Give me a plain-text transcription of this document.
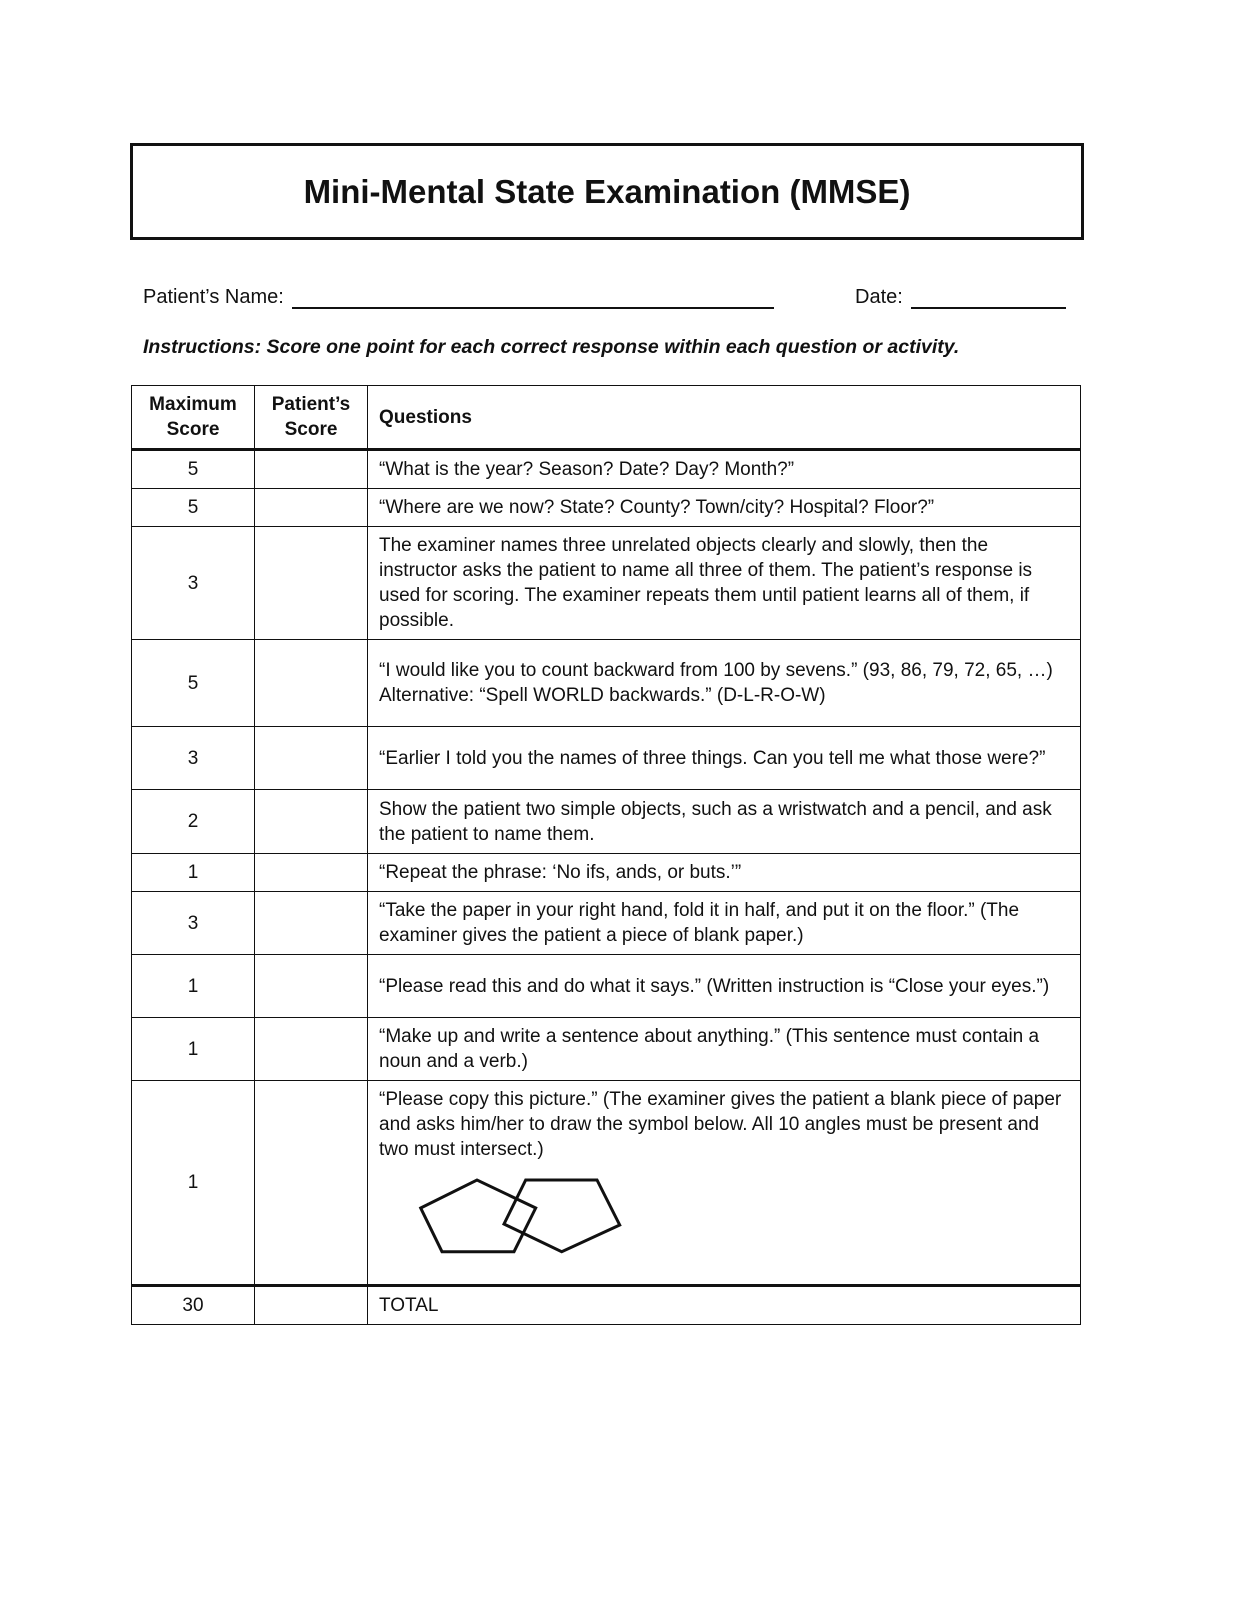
Mini-Mental State Examination (MMSE)
Patient’s Name:	Date:
Instructions: Score one point for each correct response within each question or activity.
Maximum Score	Patient’s Score	Questions
5		“What is the year? Season? Date? Day? Month?”

5		“Where are we now? State? County? Town/city? Hospital? Floor?”

3		The examiner names three unrelated objects clearly and slowly, then the instructor asks the patient to name all three of them. The patient’s response is used for scoring. The examiner repeats them until patient learns all of them, if possible.

5		“I would like you to count backward from 100 by sevens.” (93, 86, 79, 72, 65, …)
Alternative: “Spell WORLD backwards.” (D-L-R-O-W)

3		“Earlier I told you the names of three things. Can you tell me what those were?”

2		Show the patient two simple objects, such as a wristwatch and a pencil, and ask the patient to name them.

1		“Repeat the phrase: ‘No ifs, ands, or buts.’”

3		“Take the paper in your right hand, fold it in half, and put it on the floor.” (The examiner gives the patient a piece of blank paper.)

1		“Please read this and do what it says.” (Written instruction is “Close your eyes.”)

1		“Make up and write a sentence about anything.” (This sentence must contain a noun and a verb.)

1		“Please copy this picture.” (The examiner gives the patient a blank piece of paper and asks him/her to draw the symbol below. All 10 angles must be present and two must intersect.)

30		TOTAL
